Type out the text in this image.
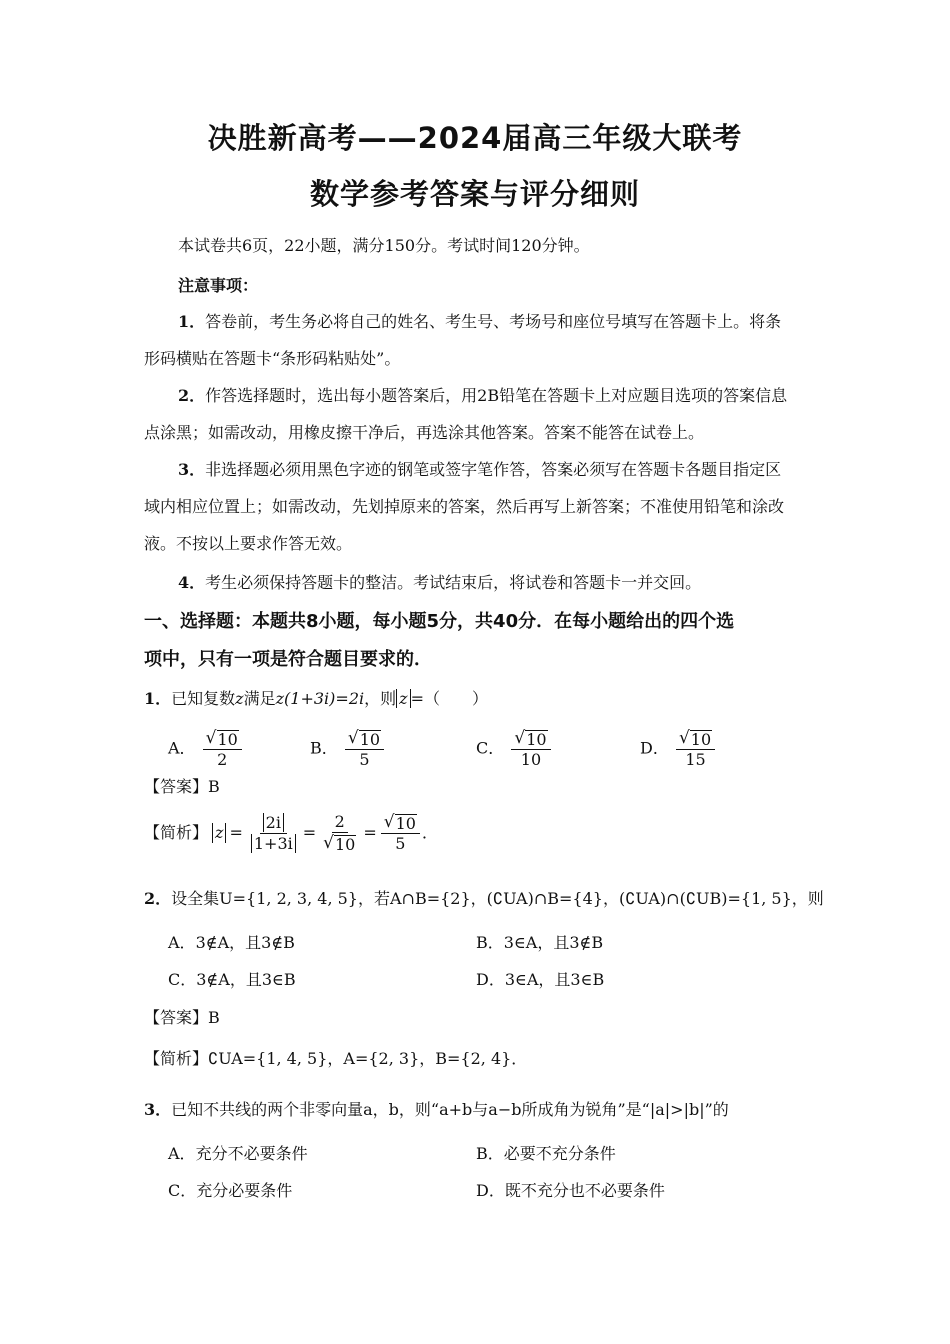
决胜新高考——2024届高三年级大联考
数学参考答案与评分细则
本试卷共6页，22小题，满分150分。考试时间120分钟。
注意事项：
1．答卷前，考生务必将自己的姓名、考生号、考场号和座位号填写在答题卡上。将条
形码横贴在答题卡“条形码粘贴处”。
2．作答选择题时，选出每小题答案后，用2B铅笔在答题卡上对应题目选项的答案信息
点涂黑；如需改动，用橡皮擦干净后，再选涂其他答案。答案不能答在试卷上。
3．非选择题必须用黑色字迹的钢笔或签字笔作答，答案必须写在答题卡各题目指定区
域内相应位置上；如需改动，先划掉原来的答案，然后再写上新答案；不准使用铅笔和涂改
液。不按以上要求作答无效。
4．考生必须保持答题卡的整洁。考试结束后，将试卷和答题卡一并交回。
一、选择题：本题共8小题，每小题5分，共40分．在每小题给出的四个选
项中，只有一项是符合题目要求的．
1．已知复数z满足z(1+3i)=2i，则 z =（　　）
A． $\frac{√ 10}{2}$	B． $\frac{√ 10}{5}$	C． $\frac{√ 10}{10}$	D． $\frac{√ 10}{15}$
【答案】B
【简析】 $z = \frac{2i}{1+3i} = \frac{2}{√ 10} = \frac{√ 10}{5}$ ．
2．设全集U={1, 2, 3, 4, 5}，若A∩B={2}，(∁UA)∩B={4}，(∁UA)∩(∁UB)={1, 5}，则
A．3∉A，且3∉B	B．3∈A，且3∉B
C．3∉A，且3∈B	D．3∈A，且3∈B
【答案】B
【简析】∁UA={1, 4, 5}，A={2, 3}，B={2, 4}．
3．已知不共线的两个非零向量a，b，则“a+b与a−b所成角为锐角”是“|a|>|b|”的
A．充分不必要条件	B．必要不充分条件
C．充分必要条件	D．既不充分也不必要条件
